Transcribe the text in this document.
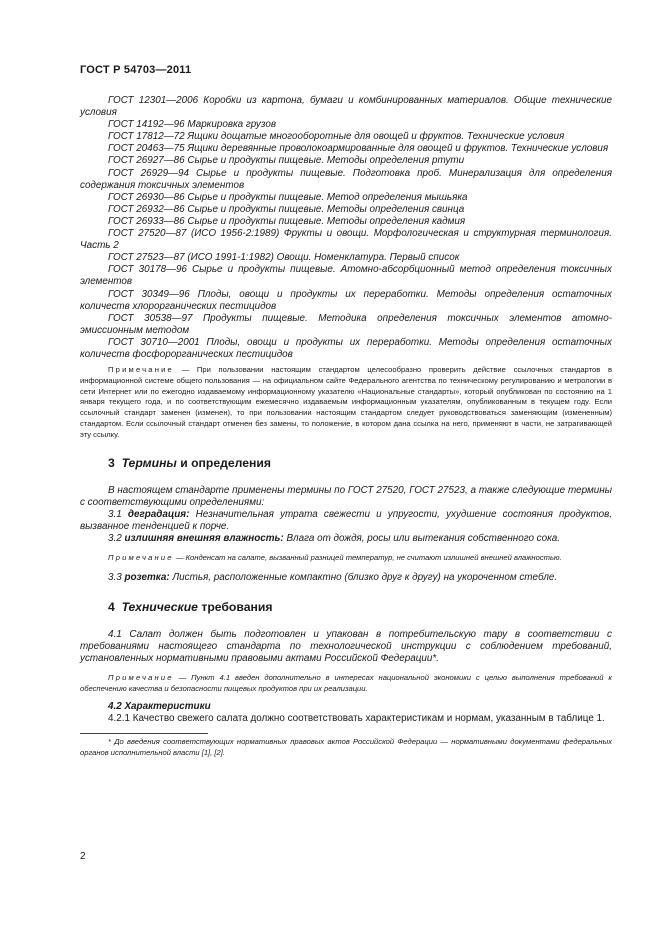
ГОСТ Р 54703—2011

ГОСТ 12301—2006 Коробки из картона, бумаги и комбинированных материалов. Общие технические условия

ГОСТ 14192—96 Маркировка грузов

ГОСТ 17812—72 Ящики дощатые многооборотные для овощей и фруктов. Технические условия

ГОСТ 20463—75 Ящики деревянные проволокоармированные для овощей и фруктов. Технические условия

ГОСТ 26927—86 Сырье и продукты пищевые. Методы определения ртути

ГОСТ 26929—94 Сырье и продукты пищевые. Подготовка проб. Минерализация для определения содержания токсичных элементов

ГОСТ 26930—86 Сырье и продукты пищевые. Метод определения мышьяка

ГОСТ 26932—86 Сырье и продукты пищевые. Методы определения свинца

ГОСТ 26933—86 Сырье и продукты пищевые. Методы определения кадмия

ГОСТ 27520—87 (ИСО 1956-2:1989) Фрукты и овощи. Морфологическая и структурная терминология. Часть 2

ГОСТ 27523—87 (ИСО 1991-1:1982) Овощи. Номенклатура. Первый список

ГОСТ 30178—96 Сырье и продукты пищевые. Атомно-абсорбционный метод определения токсичных элементов

ГОСТ 30349—96 Плоды, овощи и продукты их переработки. Методы определения остаточных количеств хлорорганических пестицидов

ГОСТ 30538—97 Продукты пищевые. Методика определения токсичных элементов атомно-эмиссионным методом

ГОСТ 30710—2001 Плоды, овощи и продукты их переработки. Методы определения остаточных количеств фосфорорганических пестицидов

Примечание — При пользовании настоящим стандартом целесообразно проверить действие ссылочных стандартов в информационной системе общего пользования — на официальном сайте Федерального агентства по техническому регулированию и метрологии в сети Интернет или по ежегодно издаваемому информационному указателю «Национальные стандарты», который опубликован по состоянию на 1 января текущего года, и по соответствующим ежемесячно издаваемым информационным указателям, опубликованным в текущем году. Если ссылочный стандарт заменен (изменен), то при пользовании настоящим стандартом следует руководствоваться заменяющим (измененным) стандартом. Если ссылочный стандарт отменен без замены, то положение, в котором дана ссылка на него, применяют в части, не затрагивающей эту ссылку.

3 Термины и определения

В настоящем стандарте применены термины по ГОСТ 27520, ГОСТ 27523, а также следующие термины с соответствующими определениями:

3.1 деградация: Незначительная утрата свежести и упругости, ухудшение состояния продуктов, вызванное тенденцией к порче.

3.2 излишняя внешняя влажность: Влага от дождя, росы или вытекания собственного сока.

Примечание — Конденсат на салате, вызванный разницей температур, не считают излишней внешней влажностью.

3.3 розетка: Листья, расположенные компактно (близко друг к другу) на укороченном стебле.

4 Технические требования

4.1 Салат должен быть подготовлен и упакован в потребительскую тару в соответствии с требованиями настоящего стандарта по технологической инструкции с соблюдением требований, установленных нормативными правовыми актами Российской Федерации*.

Примечание — Пункт 4.1 введен дополнительно в интересах национальной экономики с целью выполнения требований к обеспечению качества и безопасности пищевых продуктов при их реализации.

4.2 Характеристики

4.2.1 Качество свежего салата должно соответствовать характеристикам и нормам, указанным в таблице 1.

* До введения соответствующих нормативных правовых актов Российской Федерации — нормативными документами федеральных органов исполнительной власти [1], [2].

2
